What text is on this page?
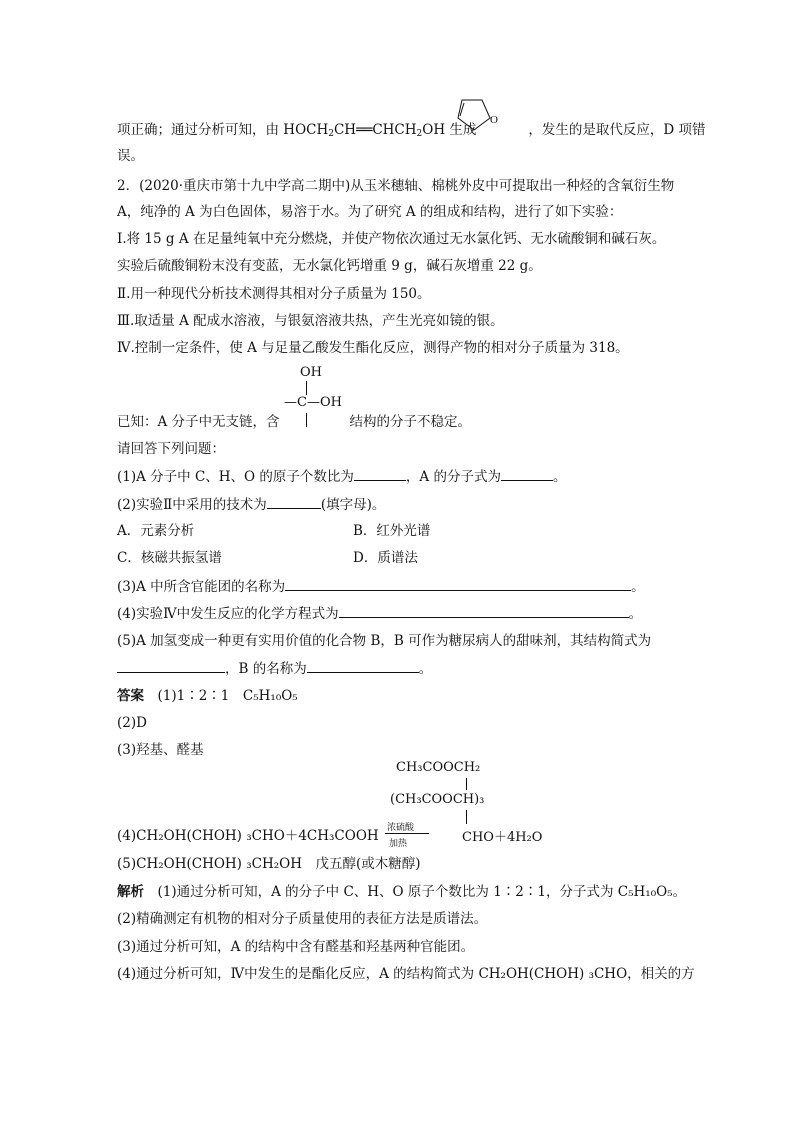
O
项正确；通过分析可知，由 $HOCH_2CH══CHCH_2OH$ 生成	，发生的是取代反应，D 项错
误。
2．(2020·重庆市第十九中学高二期中)从玉米穗轴、棉桃外皮中可提取出一种烃的含氧衍生物
A，纯净的 A 为白色固体，易溶于水。为了研究 A 的组成和结构，进行了如下实验：
Ⅰ.将 15 g A 在足量纯氧中充分燃烧，并使产物依次通过无水氯化钙、无水硫酸铜和碱石灰。
实验后硫酸铜粉末没有变蓝，无水氯化钙增重 9 g，碱石灰增重 22 g。
Ⅱ.用一种现代分析技术测得其相对分子质量为 150。
Ⅲ.取适量 A 配成水溶液，与银氨溶液共热，产生光亮如镜的银。
Ⅳ.控制一定条件，使 A 与足量乙酸发生酯化反应，测得产物的相对分子质量为 318。
OH
—C—OH
已知：A 分子中无支链，含	结构的分子不稳定。
请回答下列问题：
(1)A 分子中 C、H、O 的原子个数比为	，A 的分子式为	。
(2)实验Ⅱ中采用的技术为	(填字母)。
A．元素分析	B．红外光谱
C．核磁共振氢谱	D．质谱法
(3)A 中所含官能团的名称为	。
(4)实验Ⅳ中发生反应的化学方程式为	。
(5)A 加氢变成一种更有实用价值的化合物 B，B 可作为糖尿病人的甜味剂，其结构简式为
，B 的名称为	。
答案　 (1)1∶2∶1　C₅H₁₀O₅
(2)D
(3)羟基、醛基
CH₃COOCH₂
(CH₃COOCH)₃
CHO＋4H₂O
(4)CH₂OH(CHOH) ₃CHO＋4CH₃COOH 浓硫酸
加热
(5)CH₂OH(CHOH) ₃CH₂OH　戊五醇(或木糖醇)
解析　 (1)通过分析可知，A 的分子中 C、H、O 原子个数比为 1∶2∶1，分子式为 C₅H₁₀O₅。
(2)精确测定有机物的相对分子质量使用的表征方法是质谱法。
(3)通过分析可知，A 的结构中含有醛基和羟基两种官能团。
(4)通过分析可知，Ⅳ中发生的是酯化反应，A 的结构简式为 CH₂OH(CHOH) ₃CHO，相关的方
